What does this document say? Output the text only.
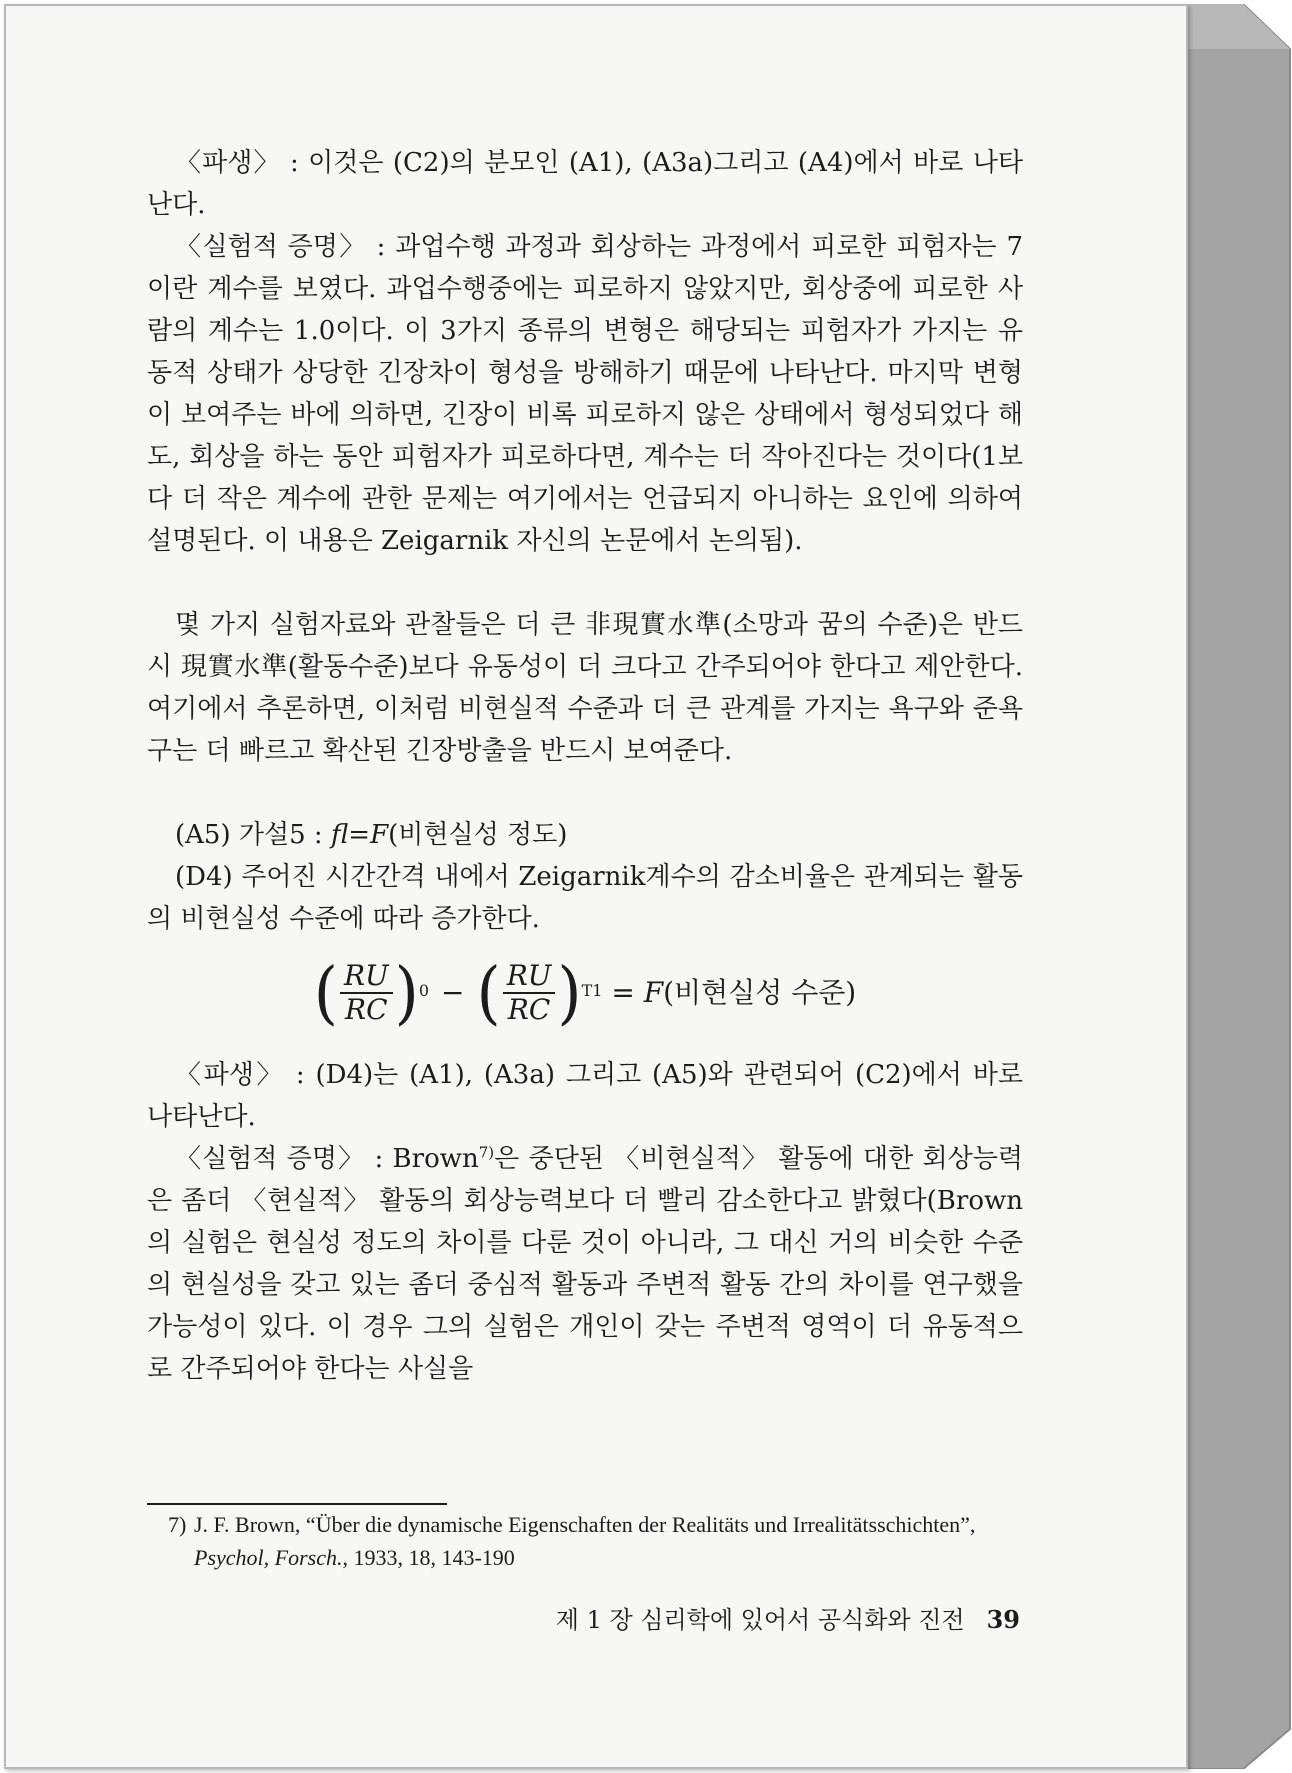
〈파생〉 : 이것은 (C2)의 분모인 (A1), (A3a)그리고 (A4)에서 바로 나타난다.

〈실험적 증명〉 : 과업수행 과정과 회상하는 과정에서 피로한 피험자는 7이란 계수를 보였다. 과업수행중에는 피로하지 않았지만, 회상중에 피로한 사람의 계수는 1.0이다. 이 3가지 종류의 변형은 해당되는 피험자가 가지는 유동적 상태가 상당한 긴장차이 형성을 방해하기 때문에 나타난다. 마지막 변형이 보여주는 바에 의하면, 긴장이 비록 피로하지 않은 상태에서 형성되었다 해도, 회상을 하는 동안 피험자가 피로하다면, 계수는 더 작아진다는 것이다(1보다 더 작은 계수에 관한 문제는 여기에서는 언급되지 아니하는 요인에 의하여 설명된다. 이 내용은 Zeigarnik 자신의 논문에서 논의됨).

몇 가지 실험자료와 관찰들은 더 큰 非現實水準(소망과 꿈의 수준)은 반드시 現實水準(활동수준)보다 유동성이 더 크다고 간주되어야 한다고 제안한다. 여기에서 추론하면, 이처럼 비현실적 수준과 더 큰 관계를 가지는 욕구와 준욕구는 더 빠르고 확산된 긴장방출을 반드시 보여준다.

(A5) 가설5 : fl=F(비현실성 정도)

(D4) 주어진 시간간격 내에서 Zeigarnik계수의 감소비율은 관계되는 활동의 비현실성 수준에 따라 증가한다.

( $\frac{RU}{RC}$ ) 0 − ( $\frac{RU}{RC}$ ) T1 = F(비현실성 수준)

〈파생〉 : (D4)는 (A1), (A3a) 그리고 (A5)와 관련되어 (C2)에서 바로 나타난다.

〈실험적 증명〉 : Brown$^{7)}$은 중단된 〈비현실적〉 활동에 대한 회상능력은 좀더 〈현실적〉 활동의 회상능력보다 더 빨리 감소한다고 밝혔다(Brown의 실험은 현실성 정도의 차이를 다룬 것이 아니라, 그 대신 거의 비슷한 수준의 현실성을 갖고 있는 좀더 중심적 활동과 주변적 활동 간의 차이를 연구했을 가능성이 있다. 이 경우 그의 실험은 개인이 갖는 주변적 영역이 더 유동적으로 간주되어야 한다는 사실을

7) J. F. Brown, “Über die dynamische Eigenschaften der Realitäts und Irrealitätsschichten”, Psychol, Forsch., 1933, 18, 143-190
제 1 장 심리학에 있어서 공식화와 진전 39
